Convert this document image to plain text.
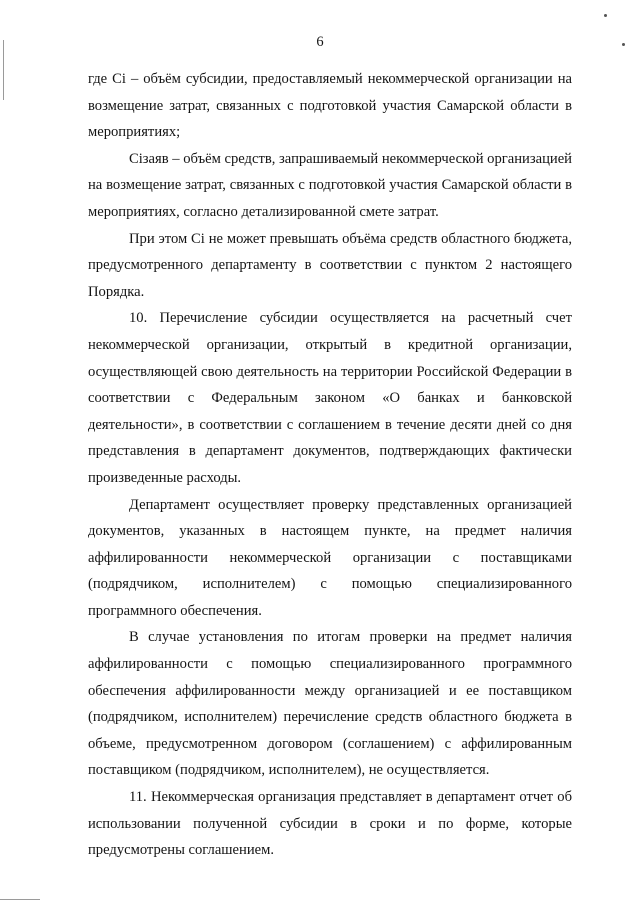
6

где Ci – объём субсидии, предоставляемый некоммерческой организации на возмещение затрат, связанных с подготовкой участия Самарской области в мероприятиях;

Ciзаяв – объём средств, запрашиваемый некоммерческой организацией на возмещение затрат, связанных с подготовкой участия Самарской области в мероприятиях, согласно детализированной смете затрат.

При этом Ci не может превышать объёма средств областного бюджета, предусмотренного департаменту в соответствии с пунктом 2 настоящего Порядка.

10. Перечисление субсидии осуществляется на расчетный счет некоммерческой организации, открытый в кредитной организации, осуществляющей свою деятельность на территории Российской Федерации в соответствии с Федеральным законом «О банках и банковской деятельности», в соответствии с соглашением в течение десяти дней со дня представления в департамент документов, подтверждающих фактически произведенные расходы.

Департамент осуществляет проверку представленных организацией документов, указанных в настоящем пункте, на предмет наличия аффилированности некоммерческой организации с поставщиками (подрядчиком, исполнителем) с помощью специализированного программного обеспечения.

В случае установления по итогам проверки на предмет наличия аффилированности с помощью специализированного программного обеспечения аффилированности между организацией и ее поставщиком (подрядчиком, исполнителем) перечисление средств областного бюджета в объеме, предусмотренном договором (соглашением) с аффилированным поставщиком (подрядчиком, исполнителем), не осуществляется.

11. Некоммерческая организация представляет в департамент отчет об использовании полученной субсидии в сроки и по форме, которые предусмотрены соглашением.
